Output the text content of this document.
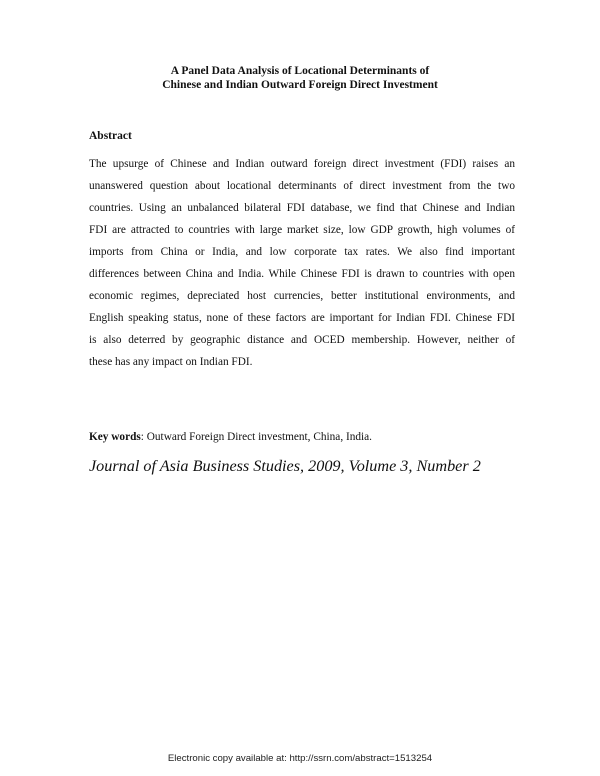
A Panel Data Analysis of Locational Determinants of
Chinese and Indian Outward Foreign Direct Investment
Abstract
The upsurge of Chinese and Indian outward foreign direct investment (FDI) raises an
unanswered question about locational determinants of direct investment from the two
countries. Using an unbalanced bilateral FDI database, we find that Chinese and Indian
FDI are attracted to countries with large market size, low GDP growth, high volumes of
imports from China or India, and low corporate tax rates. We also find important
differences between China and India. While Chinese FDI is drawn to countries with open
economic regimes, depreciated host currencies, better institutional environments, and
English speaking status, none of these factors are important for Indian FDI. Chinese FDI
is also deterred by geographic distance and OCED membership. However, neither of
these has any impact on Indian FDI.
Key words: Outward Foreign Direct investment, China, India.
Journal of Asia Business Studies, 2009, Volume 3, Number 2
Electronic copy available at: http://ssrn.com/abstract=1513254
